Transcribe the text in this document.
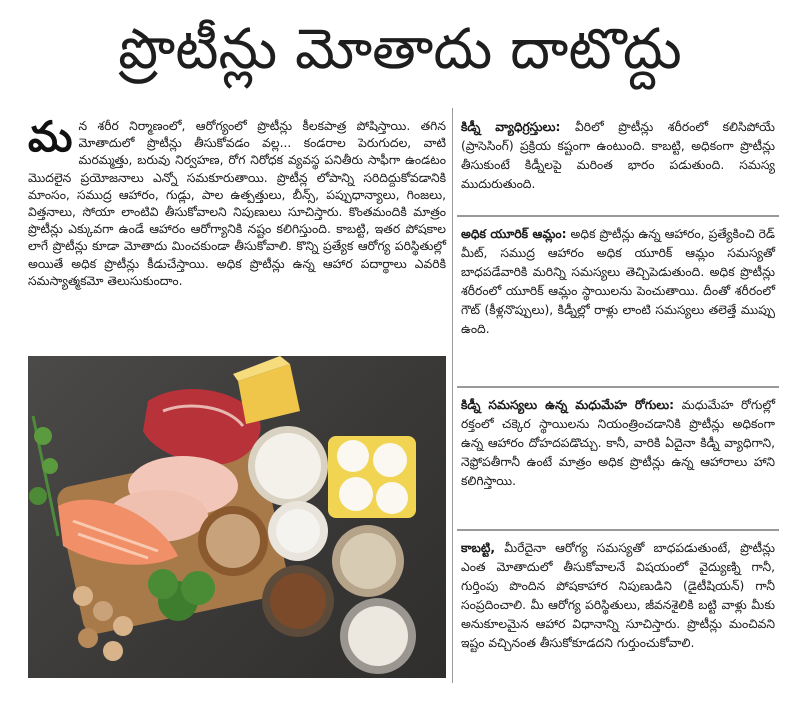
ప్రొటీన్లు మోతాదు దాటొద్దు
మ న శరీర నిర్మాణంలో, ఆరోగ్యంలో ప్రొటీన్లు కీలకపాత్ర పోషిస్తాయి. తగిన మోతాదులో ప్రొటీన్లు తీసుకోవడం వల్ల... కండరాల పెరుగుదల, వాటి మరమ్మత్తు, బరువు నిర్వహణ, రోగ నిరోధక వ్యవస్థ పనితీరు సాఫీగా ఉండటం మొదలైన ప్రయోజనాలు ఎన్నో సమకూరుతాయి. ప్రొటీన్ల లోపాన్ని సరిదిద్దుకోవడానికి మాంసం, సముద్ర ఆహారం, గుడ్లు, పాల ఉత్పత్తులు, బీన్స్, పప్పుధాన్యాలు, గింజలు, విత్తనాలు, సోయా లాంటివి తీసుకోవాలని నిపుణులు సూచిస్తారు. కొంతమందికి మాత్రం ప్రొటీన్లు ఎక్కువగా ఉండే ఆహారం ఆరోగ్యానికి నష్టం కలిగిస్తుంది. కాబట్టి, ఇతర పోషకాల లాగే ప్రొటీన్లు కూడా మోతాదు మించకుండా తీసుకోవాలి. కొన్ని ప్రత్యేక ఆరోగ్య పరిస్థితుల్లో అయితే అధిక ప్రొటీన్లు కీడుచేస్తాయి. అధిక ప్రొటీన్లు ఉన్న ఆహార పదార్థాలు ఎవరికి సమస్యాత్మకమో తెలుసుకుందాం.
కిడ్నీ వ్యాధిగ్రస్తులు: వీరిలో ప్రొటీన్లు శరీరంలో కలిసిపోయే (ప్రాసెసింగ్) ప్రక్రియ కష్టంగా ఉంటుంది. కాబట్టి, అధికంగా ప్రొటీన్లు తీసుకుంటే కిడ్నీలపై మరింత భారం పడుతుంది. సమస్య ముదురుతుంది.
అధిక యూరిక్ ఆమ్లం: అధిక ప్రొటీన్లు ఉన్న ఆహారం, ప్రత్యేకించి రెడ్ మీట్, సముద్ర ఆహారం అధిక యూరిక్ ఆమ్లం సమస్యతో బాధపడేవారికి మరిన్ని సమస్యలు తెచ్చిపెడుతుంది. అధిక ప్రొటీన్లు శరీరంలో యూరిక్ ఆమ్లం స్థాయిలను పెంచుతాయి. దీంతో శరీరంలో గౌట్ (కీళ్లనొప్పులు), కిడ్నీల్లో రాళ్లు లాంటి సమస్యలు తలెత్తే ముప్పు ఉంది.
కిడ్నీ సమస్యలు ఉన్న మధుమేహ రోగులు: మధుమేహ రోగుల్లో రక్తంలో చక్కెర స్థాయిలను నియంత్రించడానికి ప్రొటీన్లు అధికంగా ఉన్న ఆహారం దోహదపడొచ్చు. కానీ, వారికి ఏదైనా కిడ్నీ వ్యాధిగాని, నెఫ్రోపతీగానీ ఉంటే మాత్రం అధిక ప్రొటీన్లు ఉన్న ఆహారాలు హాని కలిగిస్తాయి.
కాబట్టి, మీరేదైనా ఆరోగ్య సమస్యతో బాధపడుతుంటే, ప్రొటీన్లు ఎంత మోతాదులో తీసుకోవాలనే విషయంలో వైద్యుణ్ని గానీ, గుర్తింపు పొందిన పోషకాహార నిపుణుడిని (డైటీషియన్) గానీ సంప్రదించాలి. మీ ఆరోగ్య పరిస్థితులు, జీవనశైలికి బట్టి వాళ్లు మీకు అనుకూలమైన ఆహార విధానాన్ని సూచిస్తారు. ప్రొటీన్లు మంచివని ఇష్టం వచ్చినంత తీసుకోకూడదని గుర్తుంచుకోవాలి.
